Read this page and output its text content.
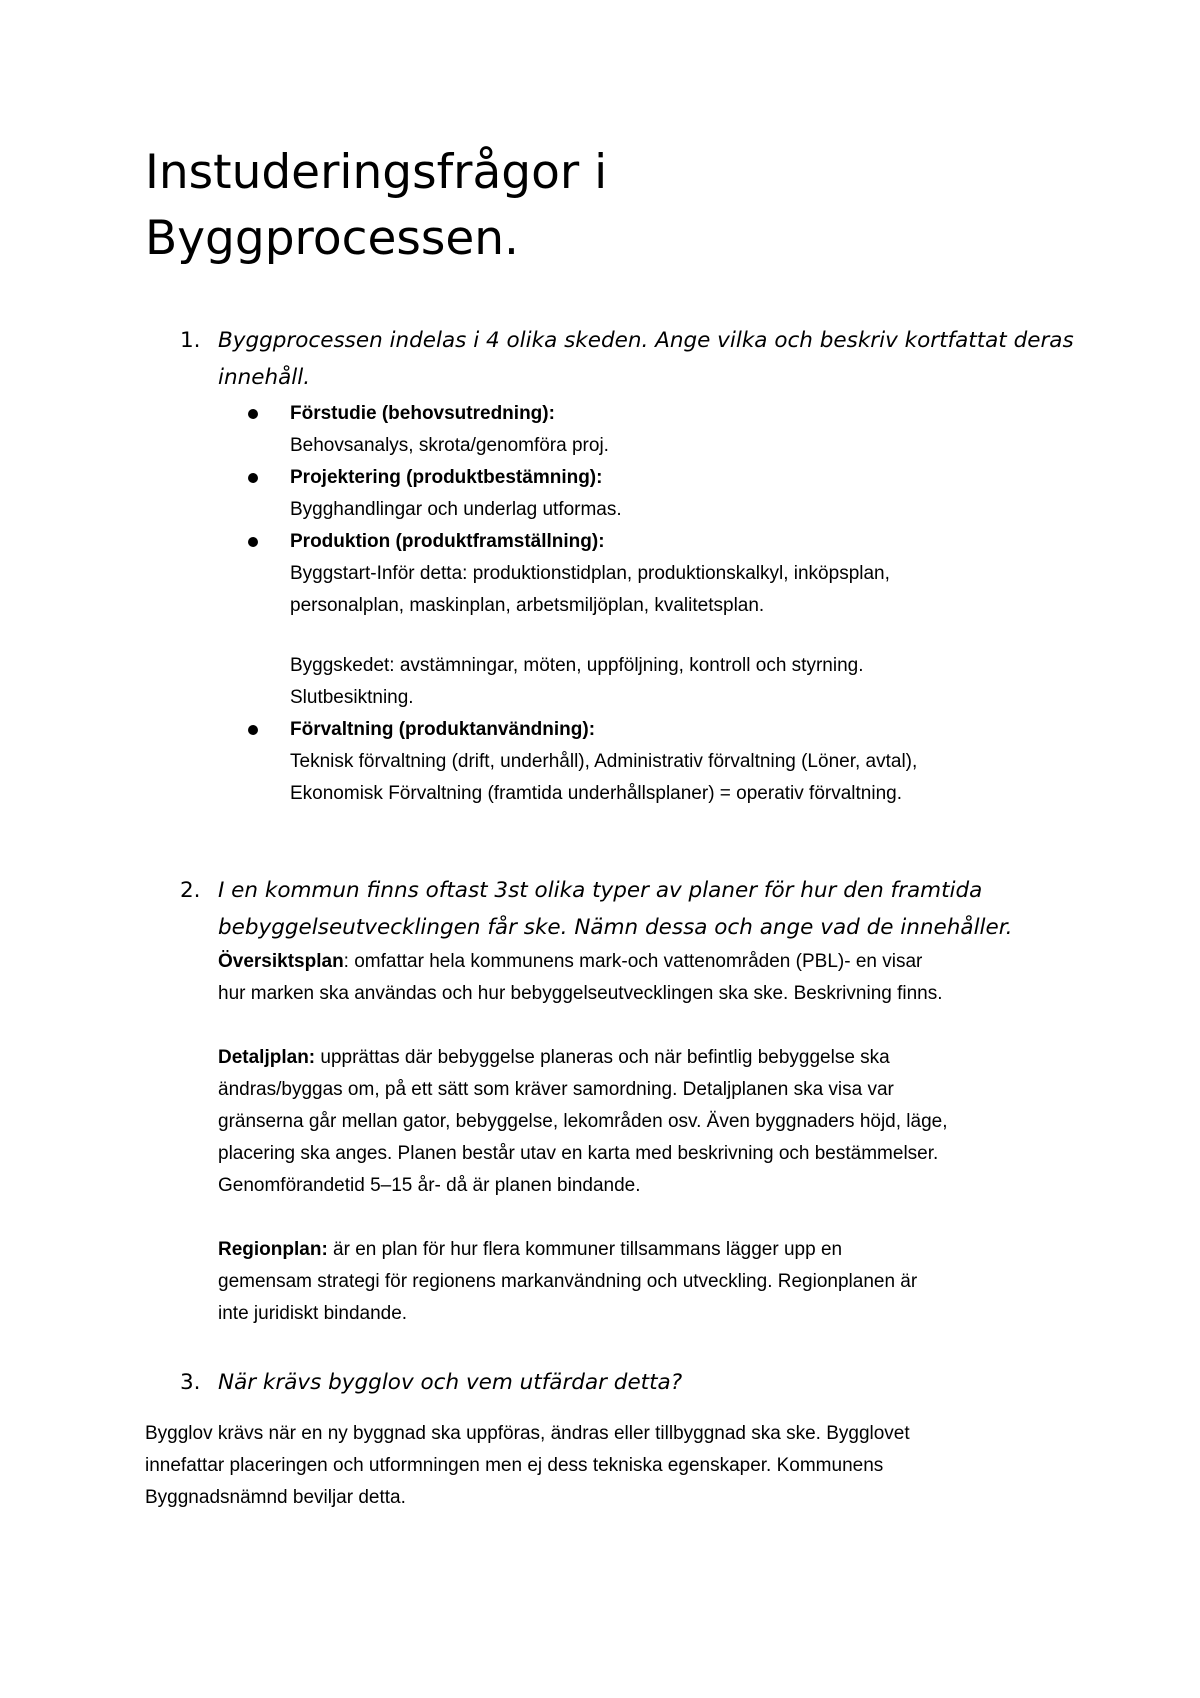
Instuderingsfrågor i
Byggprocessen.
1. Byggprocessen indelas i 4 olika skeden. Ange vilka och beskriv kortfattat deras innehåll.
Förstudie (behovsutredning):
Behovsanalys, skrota/genomföra proj.
Projektering (produktbestämning):
Bygghandlingar och underlag utformas.
Produktion (produktframställning):
Byggstart-Inför detta: produktionstidplan, produktionskalkyl, inköpsplan,
personalplan, maskinplan, arbetsmiljöplan, kvalitetsplan.
Byggskedet: avstämningar, möten, uppföljning, kontroll och styrning.
Slutbesiktning.
Förvaltning (produktanvändning):
Teknisk förvaltning (drift, underhåll), Administrativ förvaltning (Löner, avtal),
Ekonomisk Förvaltning (framtida underhållsplaner) = operativ förvaltning.
2. I en kommun finns oftast 3st olika typer av planer för hur den framtida bebyggelseutvecklingen får ske. Nämn dessa och ange vad de innehåller.
Översiktsplan: omfattar hela kommunens mark-och vattenområden (PBL)- en visar
hur marken ska användas och hur bebyggelseutvecklingen ska ske. Beskrivning finns.
Detaljplan: upprättas där bebyggelse planeras och när befintlig bebyggelse ska
ändras/byggas om, på ett sätt som kräver samordning. Detaljplanen ska visa var
gränserna går mellan gator, bebyggelse, lekområden osv. Även byggnaders höjd, läge,
placering ska anges. Planen består utav en karta med beskrivning och bestämmelser.
Genomförandetid 5–15 år- då är planen bindande.
Regionplan: är en plan för hur flera kommuner tillsammans lägger upp en
gemensam strategi för regionens markanvändning och utveckling. Regionplanen är
inte juridiskt bindande.
3. När krävs bygglov och vem utfärdar detta?
Bygglov krävs när en ny byggnad ska uppföras, ändras eller tillbyggnad ska ske. Bygglovet
innefattar placeringen och utformningen men ej dess tekniska egenskaper. Kommunens
Byggnadsnämnd beviljar detta.
